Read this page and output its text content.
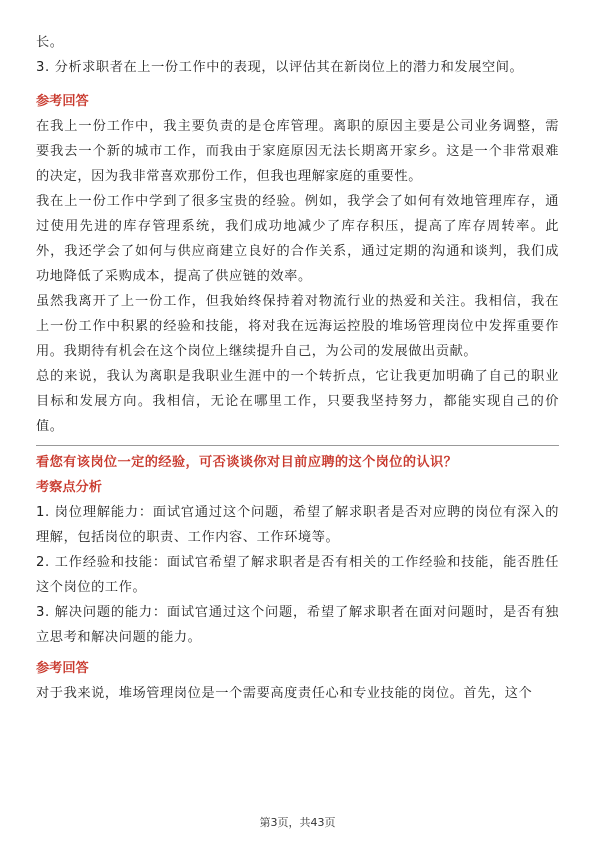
长。

3. 分析求职者在上一份工作中的表现，以评估其在新岗位上的潜力和发展空间。

参考回答

在我上一份工作中，我主要负责的是仓库管理。离职的原因主要是公司业务调整，需要我去一个新的城市工作，而我由于家庭原因无法长期离开家乡。这是一个非常艰难的决定，因为我非常喜欢那份工作，但我也理解家庭的重要性。

我在上一份工作中学到了很多宝贵的经验。例如，我学会了如何有效地管理库存，通过使用先进的库存管理系统，我们成功地减少了库存积压，提高了库存周转率。此外，我还学会了如何与供应商建立良好的合作关系，通过定期的沟通和谈判，我们成功地降低了采购成本，提高了供应链的效率。

虽然我离开了上一份工作，但我始终保持着对物流行业的热爱和关注。我相信，我在上一份工作中积累的经验和技能，将对我在远海运控股的堆场管理岗位中发挥重要作用。我期待有机会在这个岗位上继续提升自己，为公司的发展做出贡献。

总的来说，我认为离职是我职业生涯中的一个转折点，它让我更加明确了自己的职业目标和发展方向。我相信，无论在哪里工作，只要我坚持努力，都能实现自己的价值。

看您有该岗位一定的经验，可否谈谈你对目前应聘的这个岗位的认识？
考察点分析

1. 岗位理解能力：面试官通过这个问题，希望了解求职者是否对应聘的岗位有深入的理解，包括岗位的职责、工作内容、工作环境等。

2. 工作经验和技能：面试官希望了解求职者是否有相关的工作经验和技能，能否胜任这个岗位的工作。

3. 解决问题的能力：面试官通过这个问题，希望了解求职者在面对问题时，是否有独立思考和解决问题的能力。

参考回答

对于我来说，堆场管理岗位是一个需要高度责任心和专业技能的岗位。首先，这个

第3页，共43页
